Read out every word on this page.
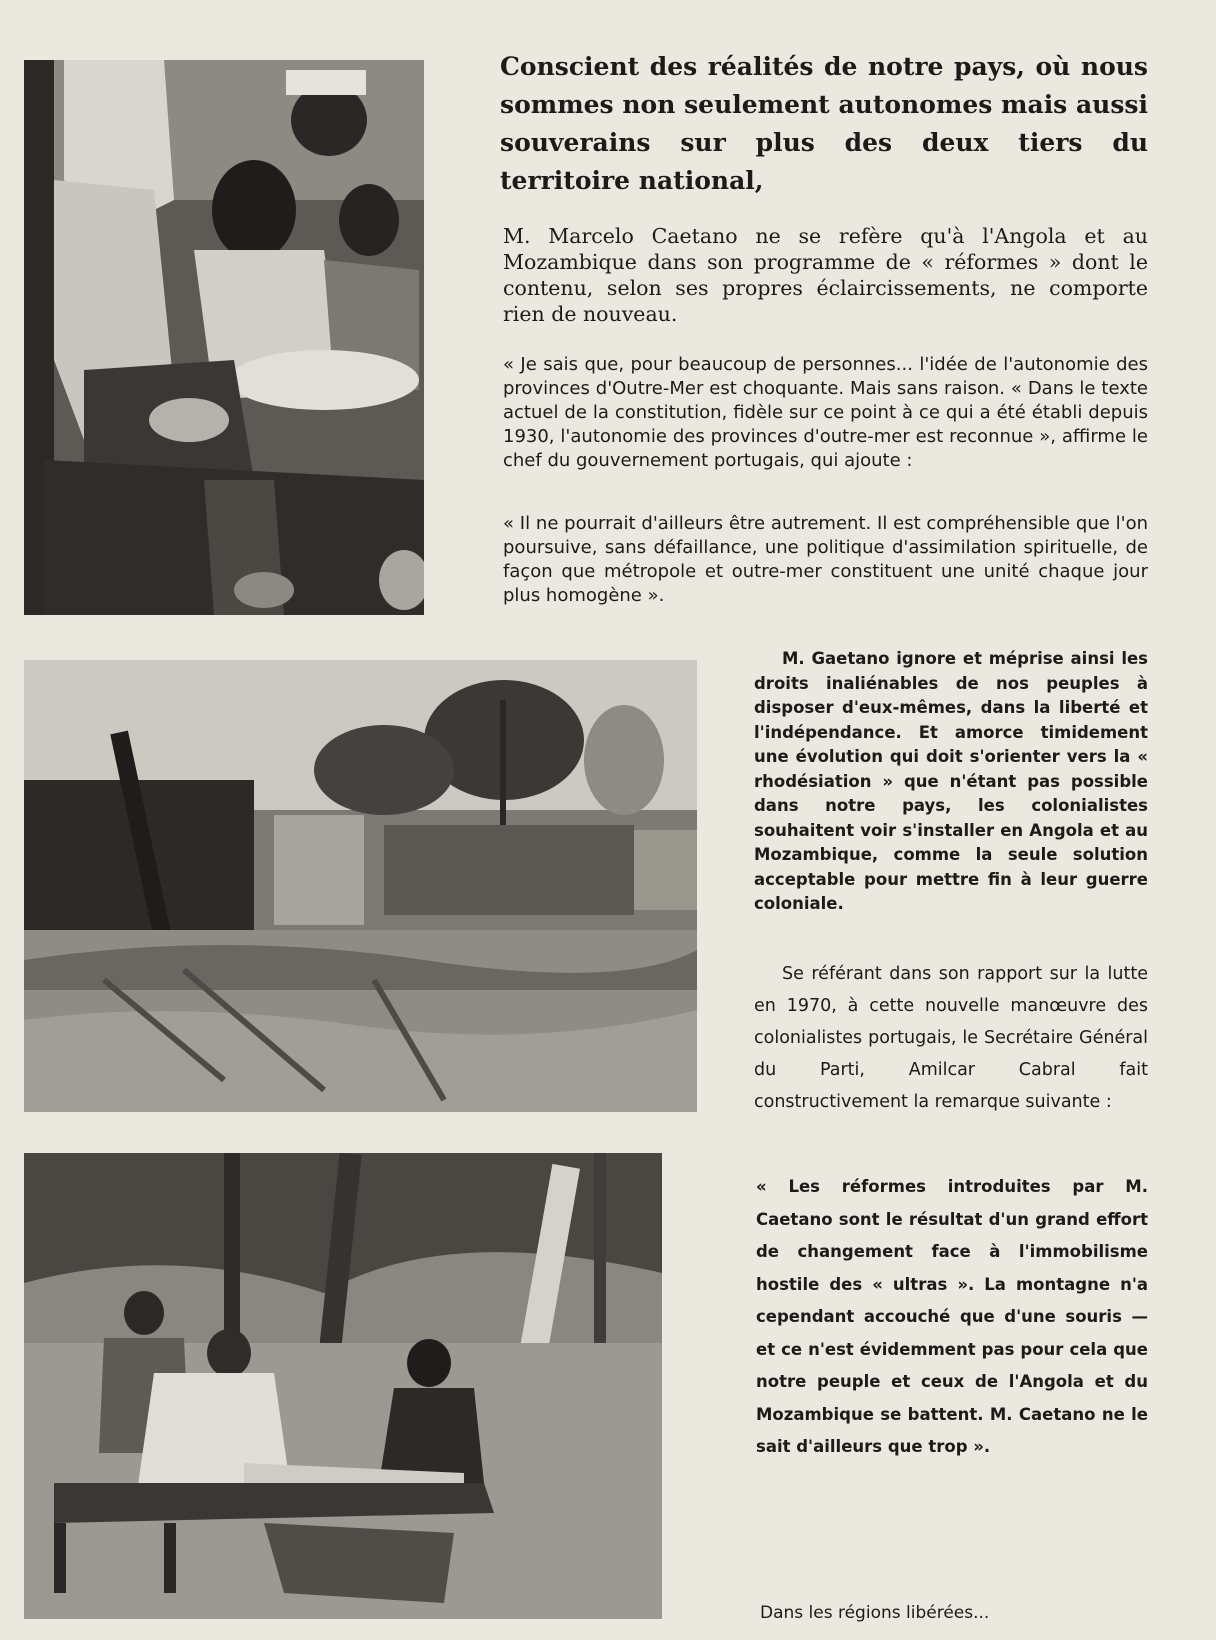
Conscient des réalités de notre pays, où nous sommes non seulement autonomes mais aussi souverains sur plus des deux tiers du territoire national,

M. Marcelo Caetano ne se refère qu'à l'Angola et au Mozambique dans son programme de « réformes » dont le contenu, selon ses propres éclaircissements, ne comporte rien de nouveau.

« Je sais que, pour beaucoup de personnes... l'idée de l'autonomie des provinces d'Outre-Mer est choquante. Mais sans raison. « Dans le texte actuel de la constitution, fidèle sur ce point à ce qui a été établi depuis 1930, l'autonomie des provinces d'outre-mer est reconnue », affirme le chef du gouvernement portugais, qui ajoute :

« Il ne pourrait d'ailleurs être autrement. Il est compréhensible que l'on poursuive, sans défaillance, une politique d'assimilation spirituelle, de façon que métropole et outre-mer constituent une unité chaque jour plus homogène ».

M. Gaetano ignore et méprise ainsi les droits inaliénables de nos peuples à disposer d'eux-mêmes, dans la liberté et l'indépendance. Et amorce timidement une évolution qui doit s'orienter vers la « rhodésiation » que n'étant pas possible dans notre pays, les colonialistes souhaitent voir s'installer en Angola et au Mozambique, comme la seule solution acceptable pour mettre fin à leur guerre coloniale.

Se référant dans son rapport sur la lutte en 1970, à cette nouvelle manœuvre des colonialistes portugais, le Secrétaire Général du Parti, Amilcar Cabral fait constructivement la remarque suivante :

« Les réformes introduites par M. Caetano sont le résultat d'un grand effort de changement face à l'immobilisme hostile des « ultras ». La montagne n'a cependant accouché que d'une souris — et ce n'est évidemment pas pour cela que notre peuple et ceux de l'Angola et du Mozambique se battent. M. Caetano ne le sait d'ailleurs que trop ».

Dans les régions libérées...
